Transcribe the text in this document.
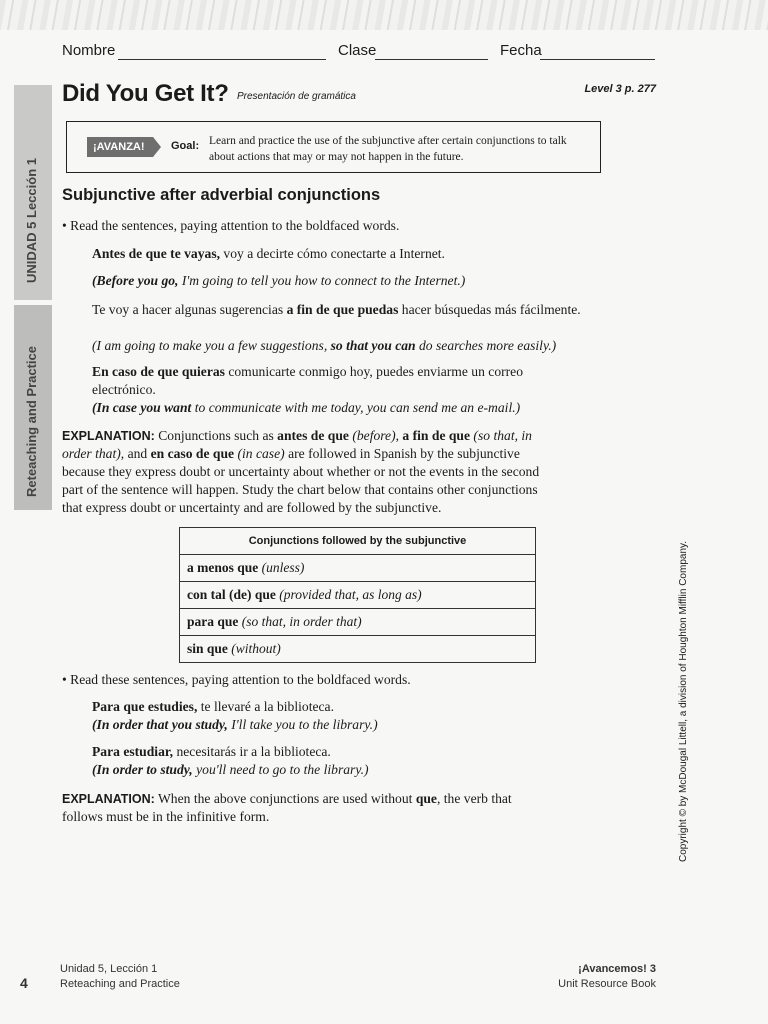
Nombre	Clase	Fecha
Did You Get It? Presentación de gramática
Level 3 p. 277
UNIDAD 5 Lección 1
Reteaching and Practice
¡AVANZA!	Goal: Learn and practice the use of the subjunctive after certain conjunctions to talk about actions that may or may not happen in the future.
Subjunctive after adverbial conjunctions
• Read the sentences, paying attention to the boldfaced words.
Antes de que te vayas, voy a decirte cómo conectarte a Internet.
(Before you go, I'm going to tell you how to connect to the Internet.)
Te voy a hacer algunas sugerencias a fin de que puedas hacer búsquedas más fácilmente.
(I am going to make you a few suggestions, so that you can do searches more easily.)
En caso de que quieras comunicarte conmigo hoy, puedes enviarme un correo electrónico.
(In case you want to communicate with me today, you can send me an e-mail.)
EXPLANATION: Conjunctions such as antes de que (before), a fin de que (so that, in order that), and en caso de que (in case) are followed in Spanish by the subjunctive because they express doubt or uncertainty about whether or not the events in the second part of the sentence will happen. Study the chart below that contains other conjunctions that express doubt or uncertainty and are followed by the subjunctive.
Conjunctions followed by the subjunctive
a menos que (unless)
con tal (de) que (provided that, as long as)
para que (so that, in order that)
sin que (without)
• Read these sentences, paying attention to the boldfaced words.
Para que estudies, te llevaré a la biblioteca.
(In order that you study, I'll take you to the library.)
Para estudiar, necesitarás ir a la biblioteca.
(In order to study, you'll need to go to the library.)
EXPLANATION: When the above conjunctions are used without que, the verb that follows must be in the infinitive form.	Copyright © by McDougal Littell, a division of Houghton Mifflin Company.
4
Unidad 5, Lección 1
Reteaching and Practice
¡Avancemos! 3
Unit Resource Book
